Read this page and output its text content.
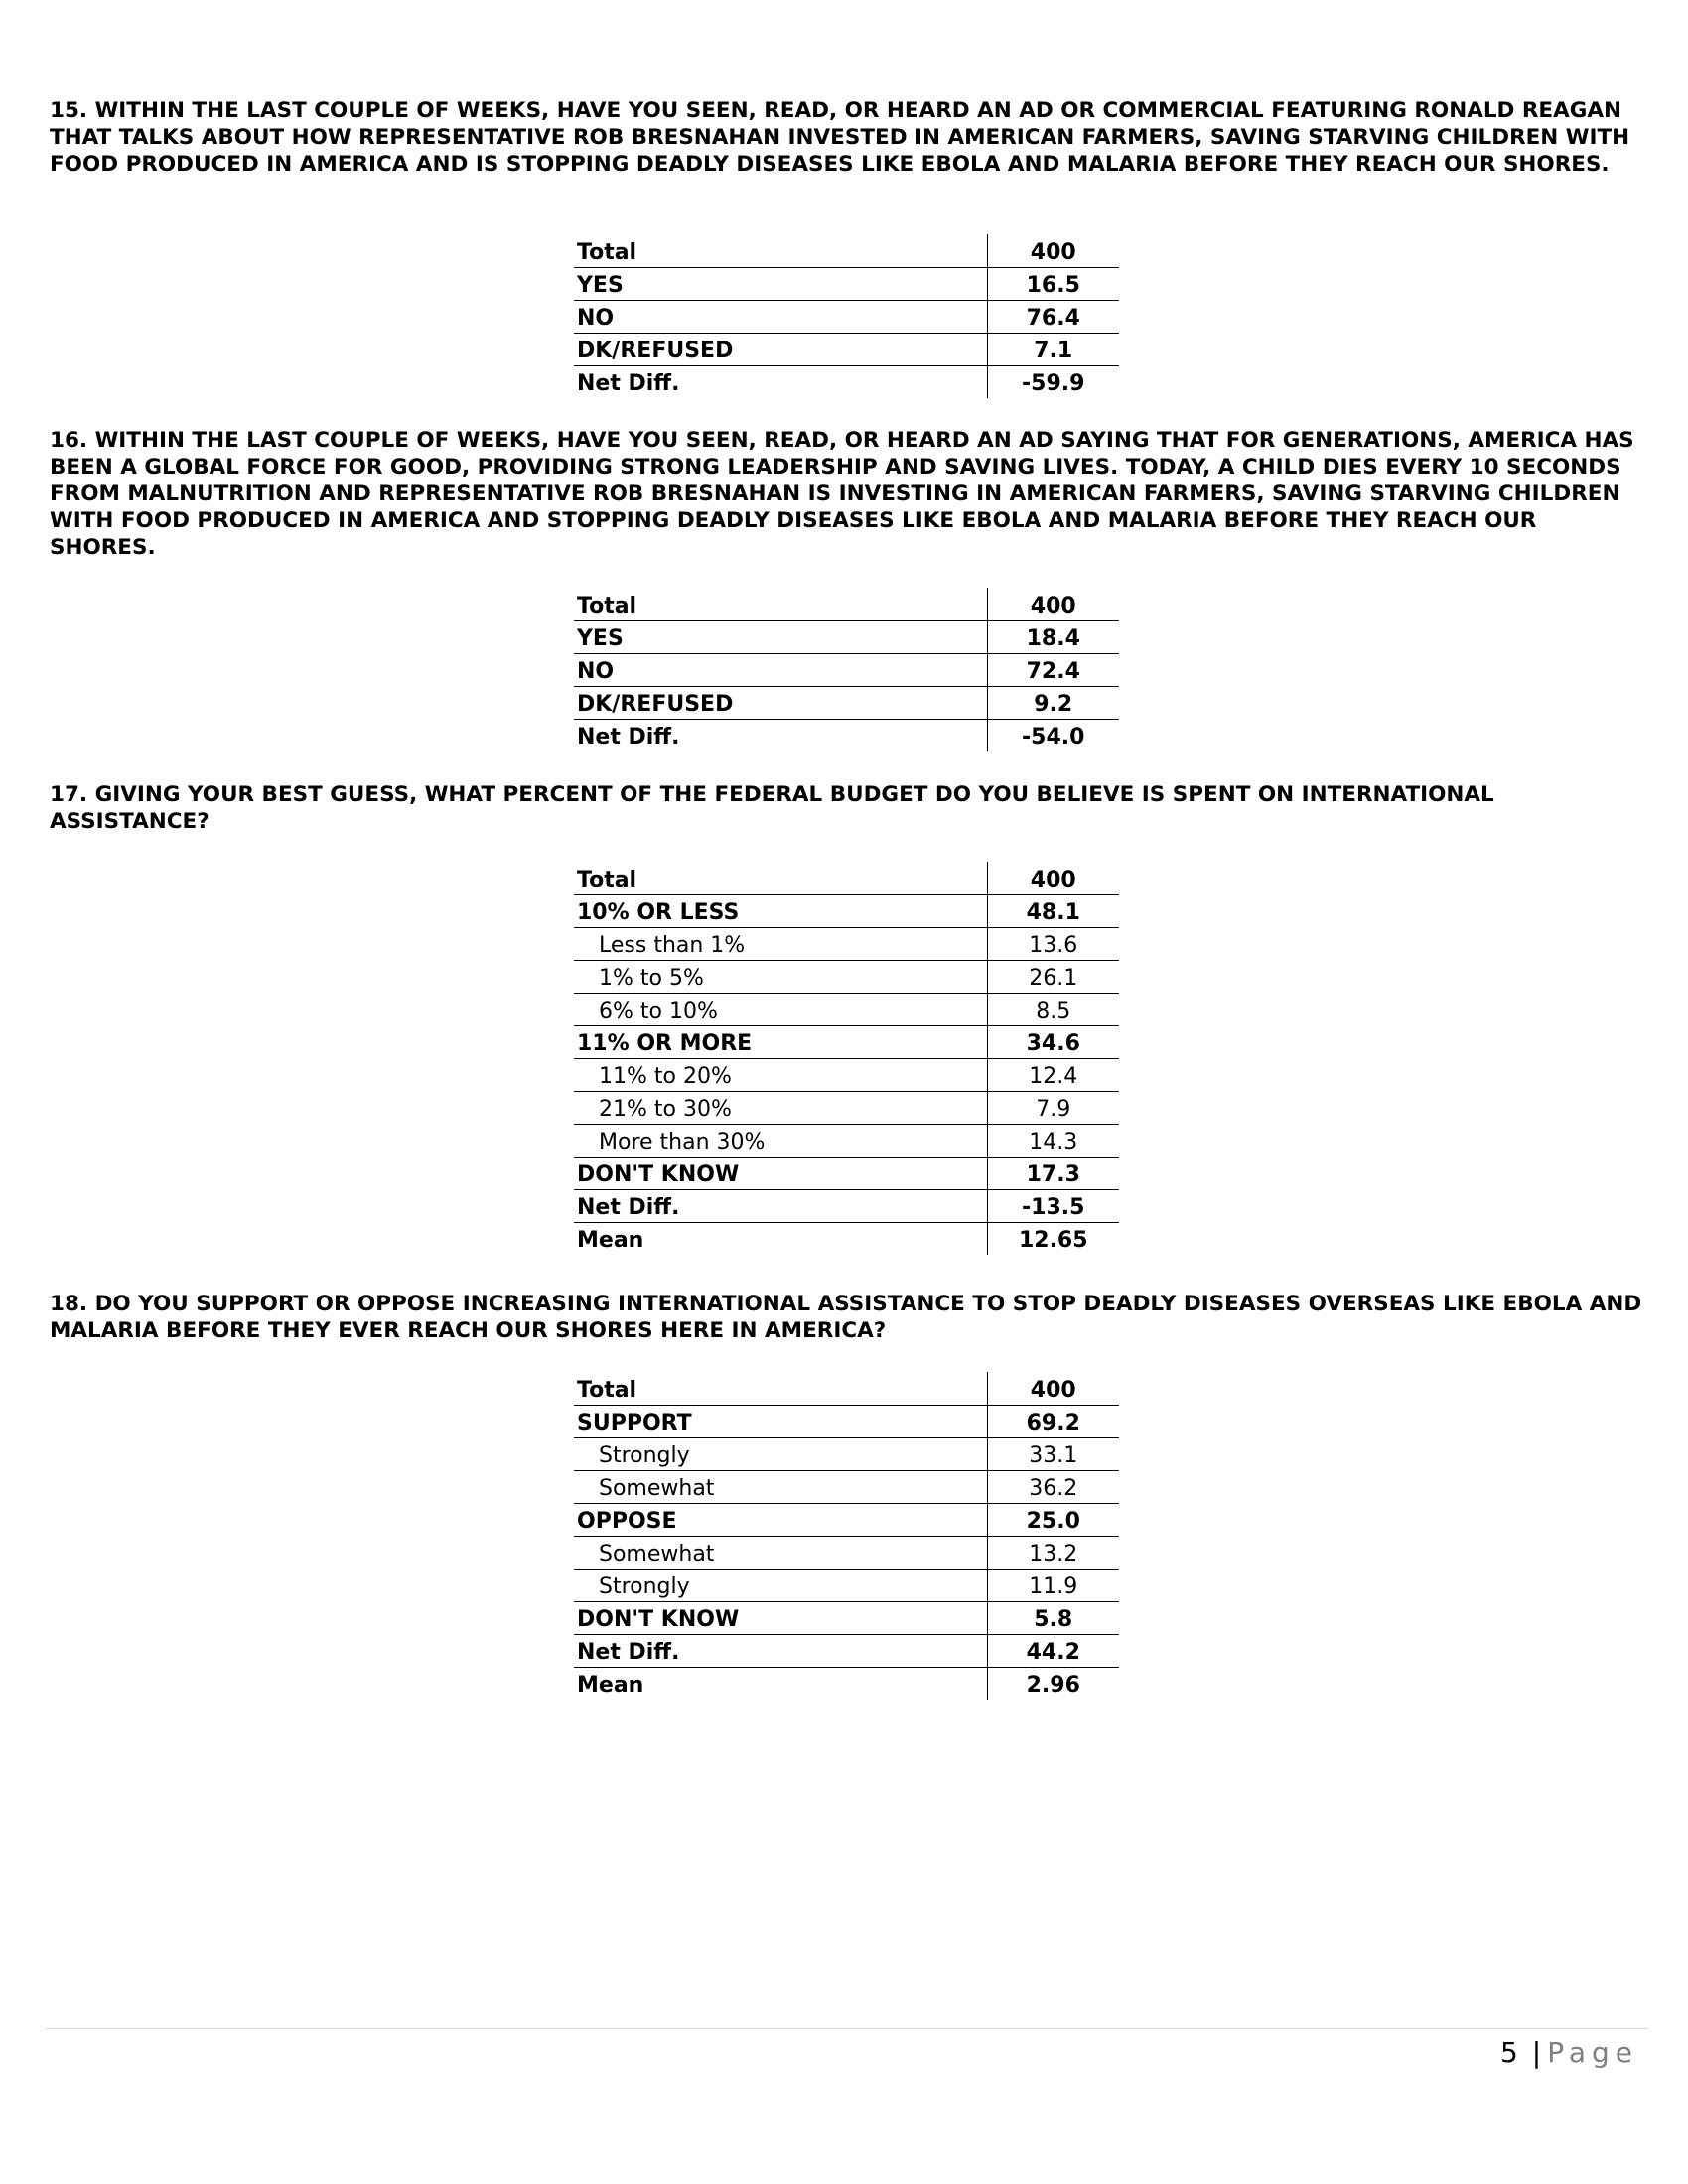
15. WITHIN THE LAST COUPLE OF WEEKS, HAVE YOU SEEN, READ, OR HEARD AN AD OR COMMERCIAL FEATURING RONALD REAGAN THAT TALKS ABOUT HOW REPRESENTATIVE ROB BRESNAHAN INVESTED IN AMERICAN FARMERS, SAVING STARVING CHILDREN WITH FOOD PRODUCED IN AMERICA AND IS STOPPING DEADLY DISEASES LIKE EBOLA AND MALARIA BEFORE THEY REACH OUR SHORES.

Total	400
YES	16.5
NO	76.4
DK/REFUSED	7.1
Net Diff.	-59.9

16. WITHIN THE LAST COUPLE OF WEEKS, HAVE YOU SEEN, READ, OR HEARD AN AD SAYING THAT FOR GENERATIONS, AMERICA HAS BEEN A GLOBAL FORCE FOR GOOD, PROVIDING STRONG LEADERSHIP AND SAVING LIVES. TODAY, A CHILD DIES EVERY 10 SECONDS FROM MALNUTRITION AND REPRESENTATIVE ROB BRESNAHAN IS INVESTING IN AMERICAN FARMERS, SAVING STARVING CHILDREN WITH FOOD PRODUCED IN AMERICA AND STOPPING DEADLY DISEASES LIKE EBOLA AND MALARIA BEFORE THEY REACH OUR SHORES.

Total	400
YES	18.4
NO	72.4
DK/REFUSED	9.2
Net Diff.	-54.0

17. GIVING YOUR BEST GUESS, WHAT PERCENT OF THE FEDERAL BUDGET DO YOU BELIEVE IS SPENT ON INTERNATIONAL ASSISTANCE?

Total	400
10% OR LESS	48.1
Less than 1%	13.6
1% to 5%	26.1
6% to 10%	8.5
11% OR MORE	34.6
11% to 20%	12.4
21% to 30%	7.9
More than 30%	14.3
DON'T KNOW	17.3
Net Diff.	-13.5
Mean	12.65

18. DO YOU SUPPORT OR OPPOSE INCREASING INTERNATIONAL ASSISTANCE TO STOP DEADLY DISEASES OVERSEAS LIKE EBOLA AND MALARIA BEFORE THEY EVER REACH OUR SHORES HERE IN AMERICA?

Total	400
SUPPORT	69.2
Strongly	33.1
Somewhat	36.2
OPPOSE	25.0
Somewhat	13.2
Strongly	11.9
DON'T KNOW	5.8
Net Diff.	44.2
Mean	2.96
5 | Page
